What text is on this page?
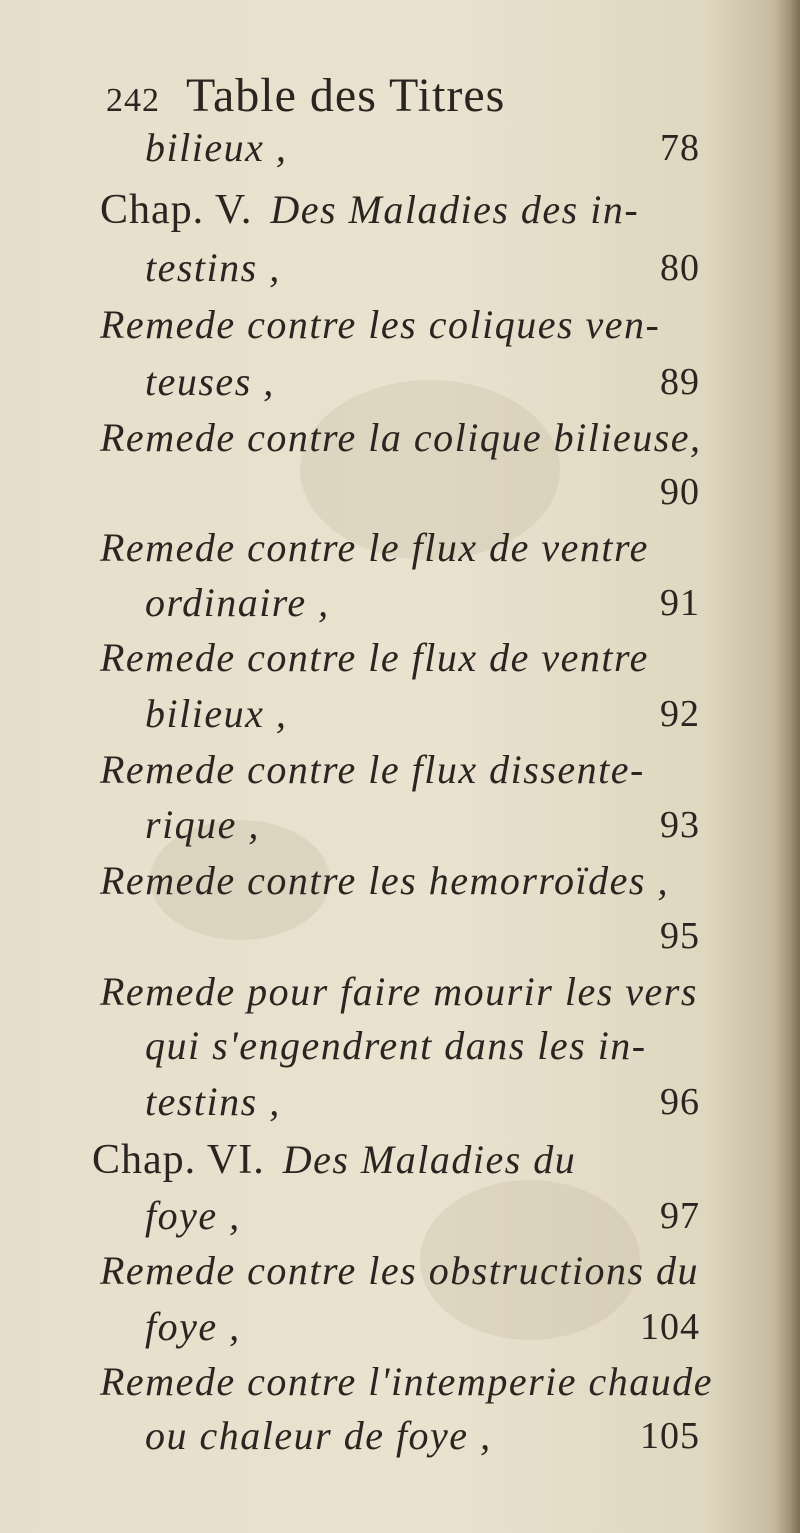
242 Table des Titres
bilieux ,	78
Chap. V. Des Maladies des in-
testins ,	80
Remede contre les coliques ven-
teuses ,	89
Remede contre la colique bilieuse,
90
Remede contre le flux de ventre
ordinaire ,	91
Remede contre le flux de ventre
bilieux ,	92
Remede contre le flux dissente-
rique ,	93
Remede contre les hemorroïdes ,
95
Remede pour faire mourir les vers
qui s'engendrent dans les in-
testins ,	96
Chap. VI. Des Maladies du
foye ,	97
Remede contre les obstructions du
foye ,	104
Remede contre l'intemperie chaude
ou chaleur de foye ,	105
